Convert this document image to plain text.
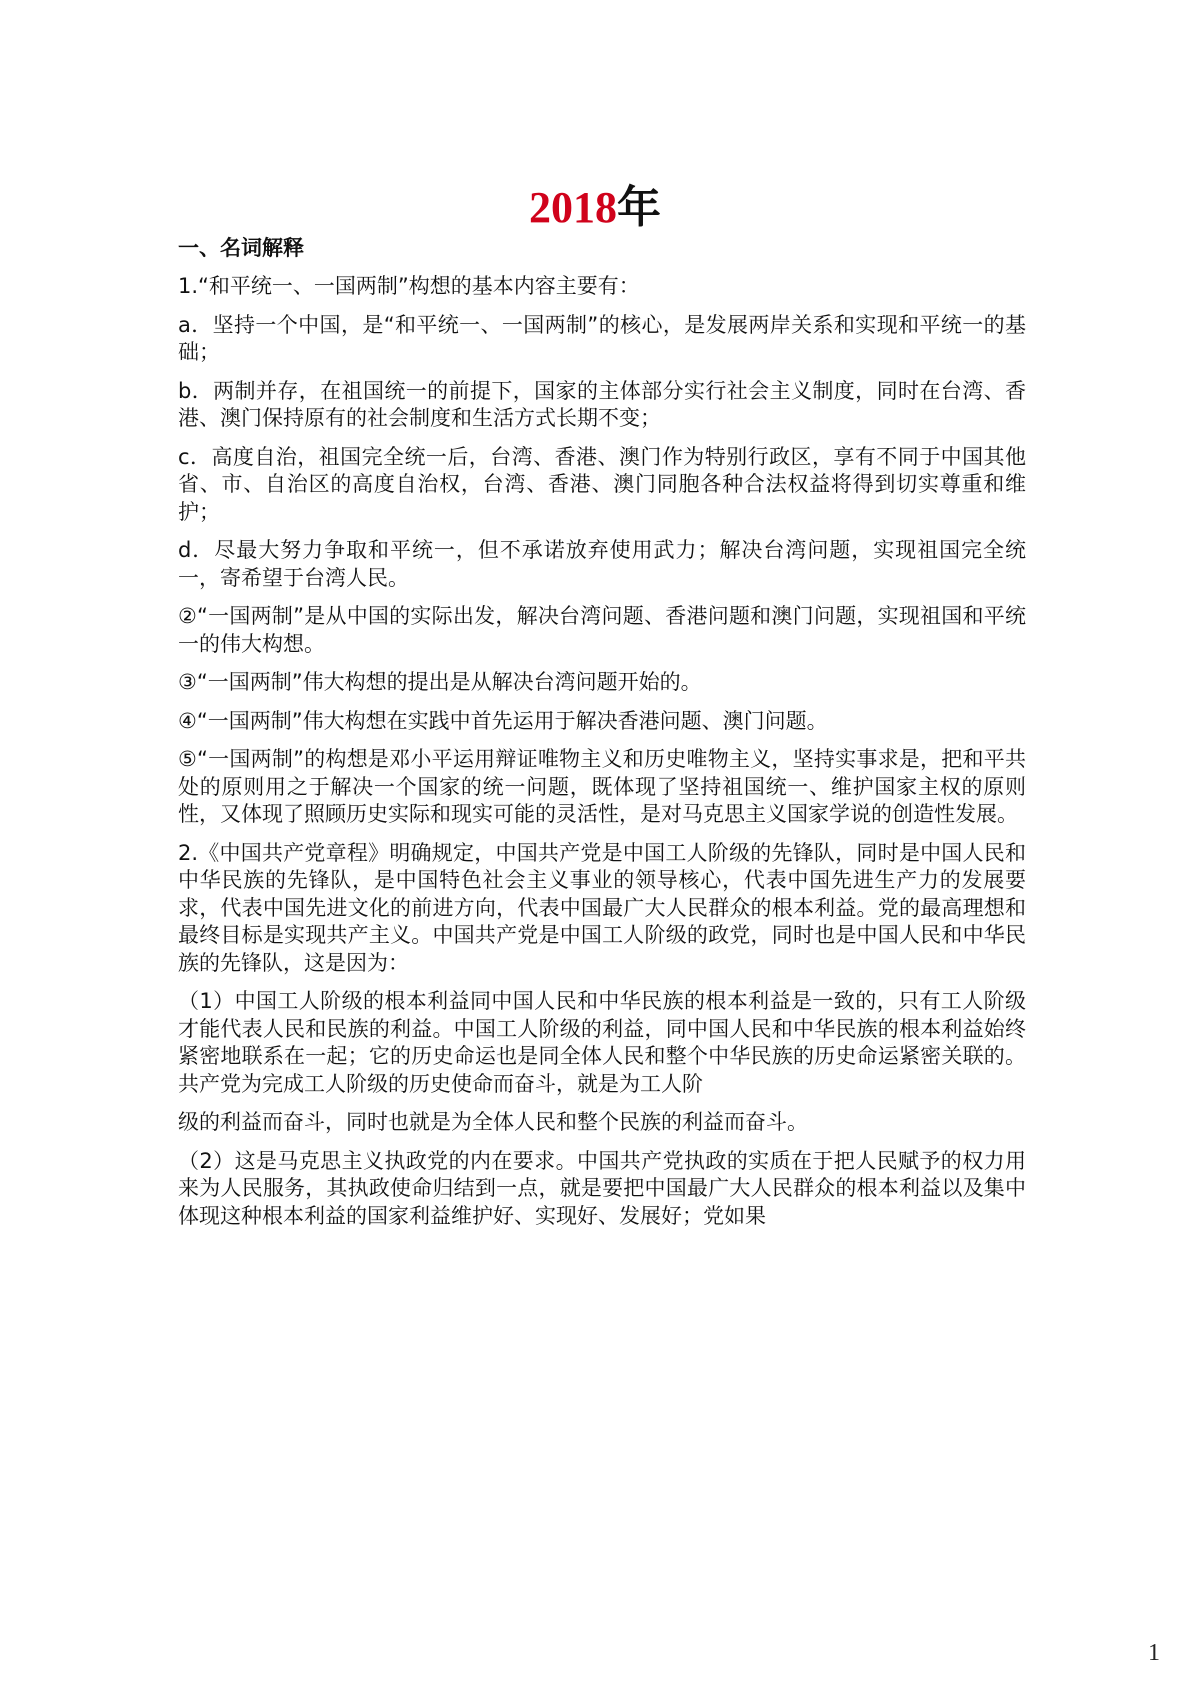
2018年
一、名词解释

1.“和平统一、一国两制”构想的基本内容主要有：

a．坚持一个中国，是“和平统一、一国两制”的核心，是发展两岸关系和实现和平统一的基础；

b．两制并存，在祖国统一的前提下，国家的主体部分实行社会主义制度，同时在台湾、香港、澳门保持原有的社会制度和生活方式长期不变；

c．高度自治，祖国完全统一后，台湾、香港、澳门作为特别行政区，享有不同于中国其他省、市、自治区的高度自治权，台湾、香港、澳门同胞各种合法权益将得到切实尊重和维护；

d．尽最大努力争取和平统一，但不承诺放弃使用武力；解决台湾问题，实现祖国完全统一，寄希望于台湾人民。

②“一国两制”是从中国的实际出发，解决台湾问题、香港问题和澳门问题，实现祖国和平统一的伟大构想。

③“一国两制”伟大构想的提出是从解决台湾问题开始的。

④“一国两制”伟大构想在实践中首先运用于解决香港问题、澳门问题。

⑤“一国两制”的构想是邓小平运用辩证唯物主义和历史唯物主义，坚持实事求是，把和平共处的原则用之于解决一个国家的统一问题，既体现了坚持祖国统一、维护国家主权的原则性，又体现了照顾历史实际和现实可能的灵活性，是对马克思主义国家学说的创造性发展。

2.《中国共产党章程》明确规定，中国共产党是中国工人阶级的先锋队，同时是中国人民和中华民族的先锋队，是中国特色社会主义事业的领导核心，代表中国先进生产力的发展要求，代表中国先进文化的前进方向，代表中国最广大人民群众的根本利益。党的最高理想和最终目标是实现共产主义。中国共产党是中国工人阶级的政党，同时也是中国人民和中华民族的先锋队，这是因为：

（1）中国工人阶级的根本利益同中国人民和中华民族的根本利益是一致的，只有工人阶级才能代表人民和民族的利益。中国工人阶级的利益，同中国人民和中华民族的根本利益始终紧密地联系在一起；它的历史命运也是同全体人民和整个中华民族的历史命运紧密关联的。共产党为完成工人阶级的历史使命而奋斗，就是为工人阶

级的利益而奋斗，同时也就是为全体人民和整个民族的利益而奋斗。

（2）这是马克思主义执政党的内在要求。中国共产党执政的实质在于把人民赋予的权力用来为人民服务，其执政使命归结到一点，就是要把中国最广大人民群众的根本利益以及集中体现这种根本利益的国家利益维护好、实现好、发展好；党如果

1
